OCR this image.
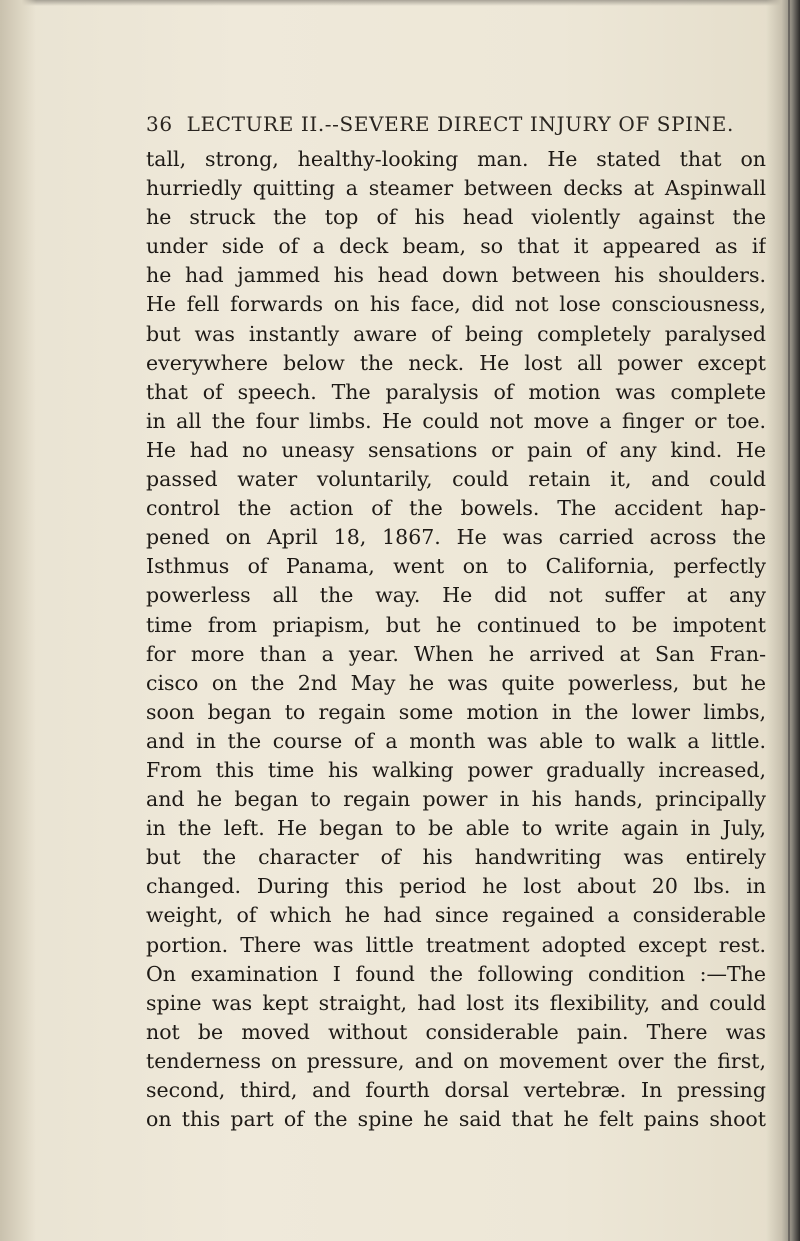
36 LECTURE II.--SEVERE DIRECT INJURY OF SPINE.
tall, strong, healthy-looking man. He stated that on
hurriedly quitting a steamer between decks at Aspinwall
he struck the top of his head violently against the
under side of a deck beam, so that it appeared as if
he had jammed his head down between his shoulders.
He fell forwards on his face, did not lose consciousness,
but was instantly aware of being completely paralysed
everywhere below the neck. He lost all power except
that of speech. The paralysis of motion was complete
in all the four limbs. He could not move a finger or toe.
He had no uneasy sensations or pain of any kind. He
passed water voluntarily, could retain it, and could
control the action of the bowels. The accident hap-
pened on April 18, 1867. He was carried across the
Isthmus of Panama, went on to California, perfectly
powerless all the way. He did not suffer at any
time from priapism, but he continued to be impotent
for more than a year. When he arrived at San Fran-
cisco on the 2nd May he was quite powerless, but he
soon began to regain some motion in the lower limbs,
and in the course of a month was able to walk a little.
From this time his walking power gradually increased,
and he began to regain power in his hands, principally
in the left. He began to be able to write again in July,
but the character of his handwriting was entirely
changed. During this period he lost about 20 lbs. in
weight, of which he had since regained a considerable
portion. There was little treatment adopted except rest.
On examination I found the following condition :—The
spine was kept straight, had lost its flexibility, and could
not be moved without considerable pain. There was
tenderness on pressure, and on movement over the first,
second, third, and fourth dorsal vertebræ. In pressing
on this part of the spine he said that he felt pains shoot
